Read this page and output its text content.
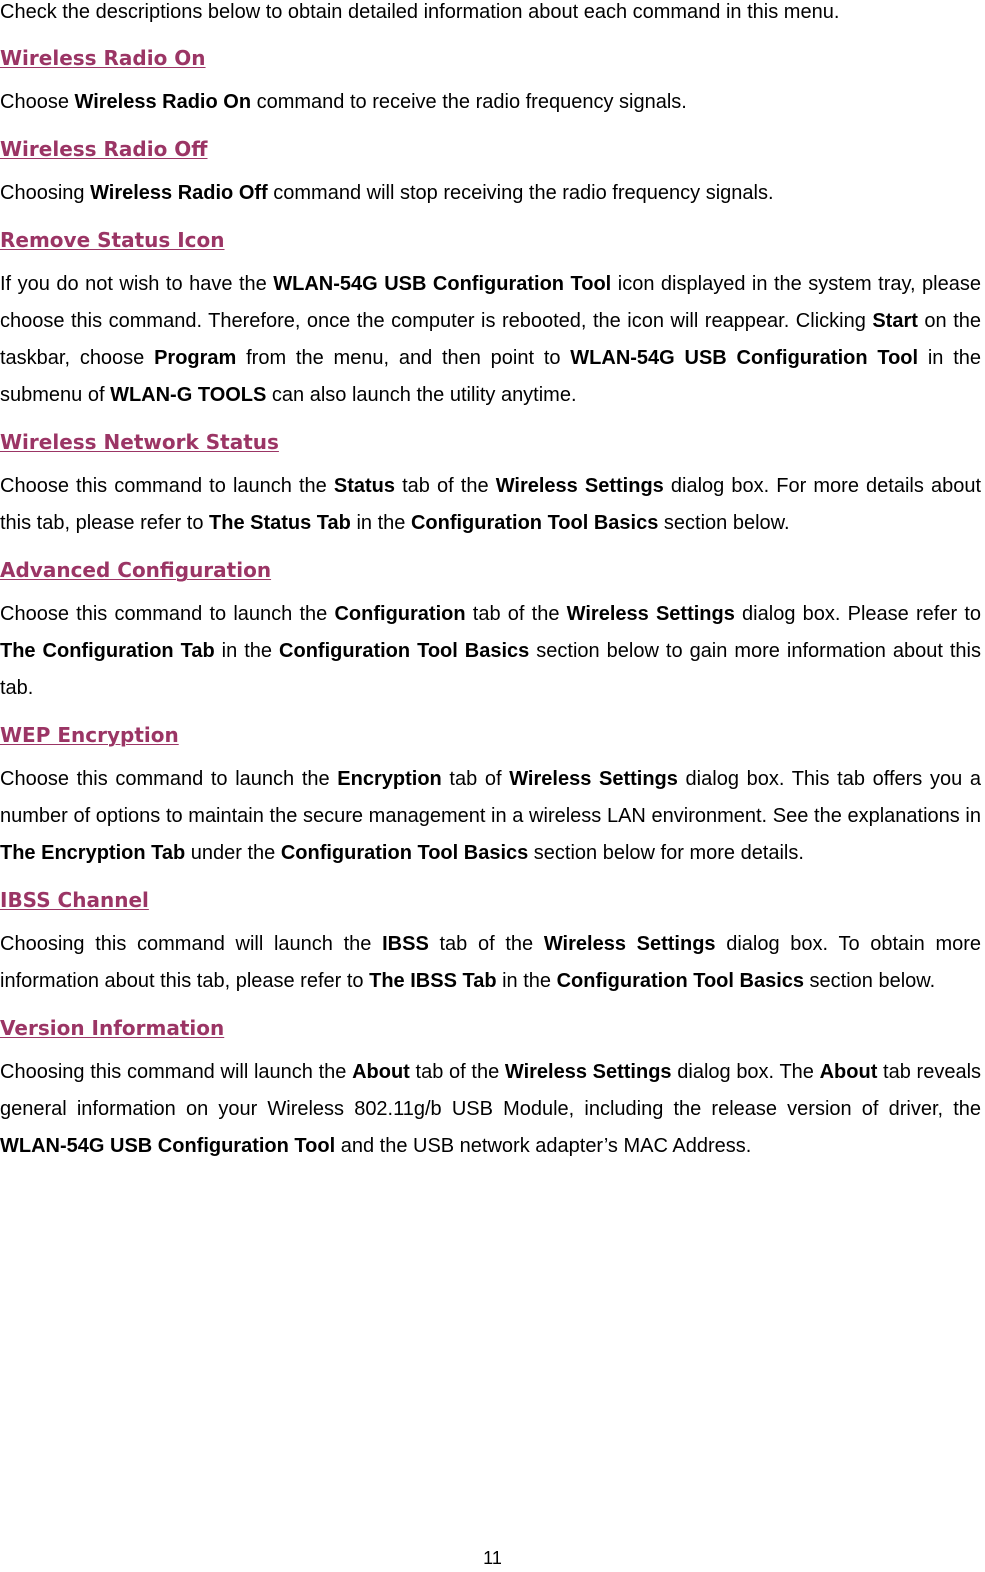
Check the descriptions below to obtain detailed information about each command in this menu.

Wireless Radio On

Choose Wireless Radio On command to receive the radio frequency signals.

Wireless Radio Off

Choosing Wireless Radio Off command will stop receiving the radio frequency signals.

Remove Status Icon

If you do not wish to have the WLAN-54G USB Configuration Tool icon displayed in the system tray, please choose this command. Therefore, once the computer is rebooted, the icon will reappear. Clicking Start on the taskbar, choose Program from the menu, and then point to WLAN-54G USB Configuration Tool in the submenu of WLAN-G TOOLS can also launch the utility anytime.

Wireless Network Status

Choose this command to launch the Status tab of the Wireless Settings dialog box. For more details about this tab, please refer to The Status Tab in the Configuration Tool Basics section below.

Advanced Configuration

Choose this command to launch the Configuration tab of the Wireless Settings dialog box. Please refer to The Configuration Tab in the Configuration Tool Basics section below to gain more information about this tab.

WEP Encryption

Choose this command to launch the Encryption tab of Wireless Settings dialog box. This tab offers you a number of options to maintain the secure management in a wireless LAN environment. See the explanations in The Encryption Tab under the Configuration Tool Basics section below for more details.

IBSS Channel

Choosing this command will launch the IBSS tab of the Wireless Settings dialog box. To obtain more information about this tab, please refer to The IBSS Tab in the Configuration Tool Basics section below.

Version Information

Choosing this command will launch the About tab of the Wireless Settings dialog box. The About tab reveals general information on your Wireless 802.11g/b USB Module, including the release version of driver, the WLAN-54G USB Configuration Tool and the USB network adapter’s MAC Address.

11
